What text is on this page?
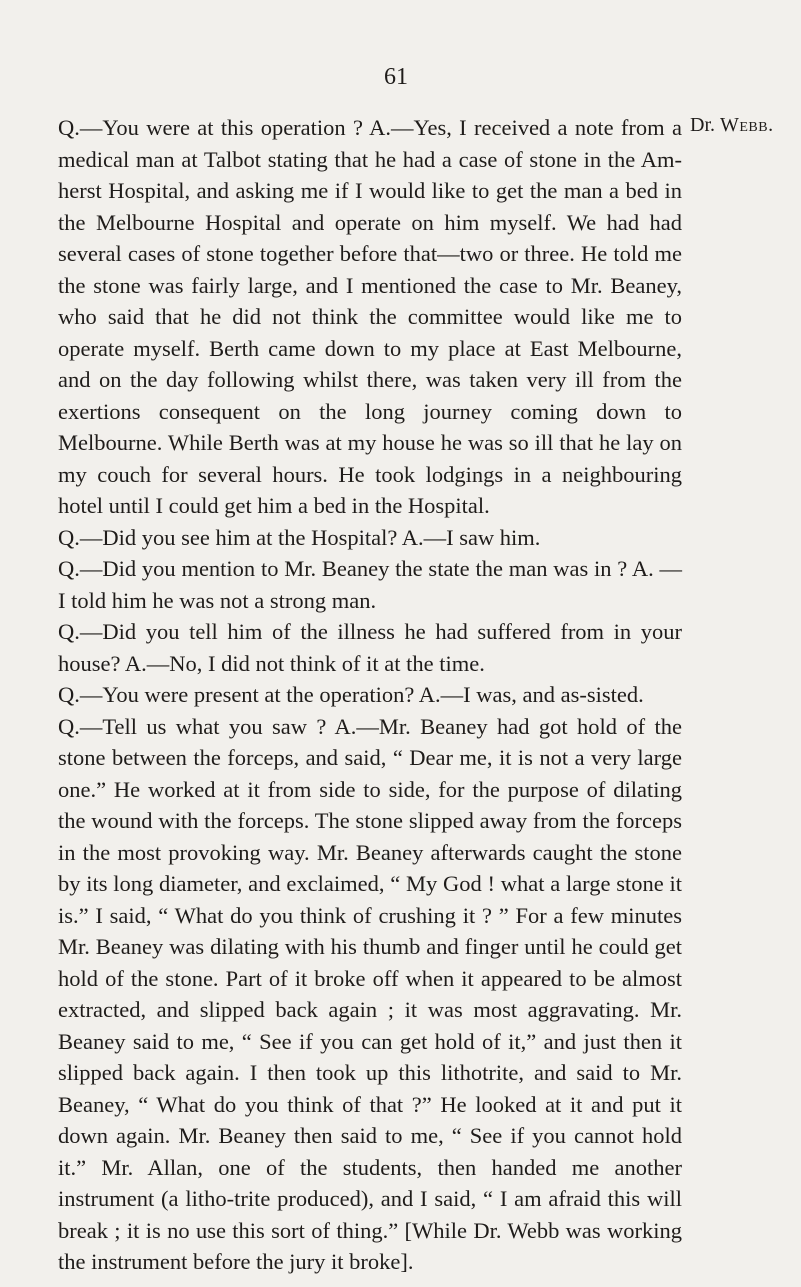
61
Dr. Webb.

Q.—You were at this operation ? A.—Yes, I received a note from a medical man at Talbot stating that he had a case of stone in the Am-herst Hospital, and asking me if I would like to get the man a bed in the Melbourne Hospital and operate on him myself. We had had several cases of stone together before that—two or three. He told me the stone was fairly large, and I mentioned the case to Mr. Beaney, who said that he did not think the committee would like me to operate myself. Berth came down to my place at East Melbourne, and on the day following whilst there, was taken very ill from the exertions consequent on the long journey coming down to Melbourne. While Berth was at my house he was so ill that he lay on my couch for several hours. He took lodgings in a neighbouring hotel until I could get him a bed in the Hospital.

Q.—Did you see him at the Hospital? A.—I saw him.

Q.—Did you mention to Mr. Beaney the state the man was in ? A. —I told him he was not a strong man.

Q.—Did you tell him of the illness he had suffered from in your house? A.—No, I did not think of it at the time.

Q.—You were present at the operation? A.—I was, and as-sisted.

Q.—Tell us what you saw ? A.—Mr. Beaney had got hold of the stone between the forceps, and said, “ Dear me, it is not a very large one.” He worked at it from side to side, for the purpose of dilating the wound with the forceps. The stone slipped away from the forceps in the most provoking way. Mr. Beaney afterwards caught the stone by its long diameter, and exclaimed, “ My God ! what a large stone it is.” I said, “ What do you think of crushing it ? ” For a few minutes Mr. Beaney was dilating with his thumb and finger until he could get hold of the stone. Part of it broke off when it appeared to be almost extracted, and slipped back again ; it was most aggravating. Mr. Beaney said to me, “ See if you can get hold of it,” and just then it slipped back again. I then took up this lithotrite, and said to Mr. Beaney, “ What do you think of that ?” He looked at it and put it down again. Mr. Beaney then said to me, “ See if you cannot hold it.” Mr. Allan, one of the students, then handed me another instrument (a litho-trite produced), and I said, “ I am afraid this will break ; it is no use this sort of thing.” [While Dr. Webb was working the instrument before the jury it broke].
